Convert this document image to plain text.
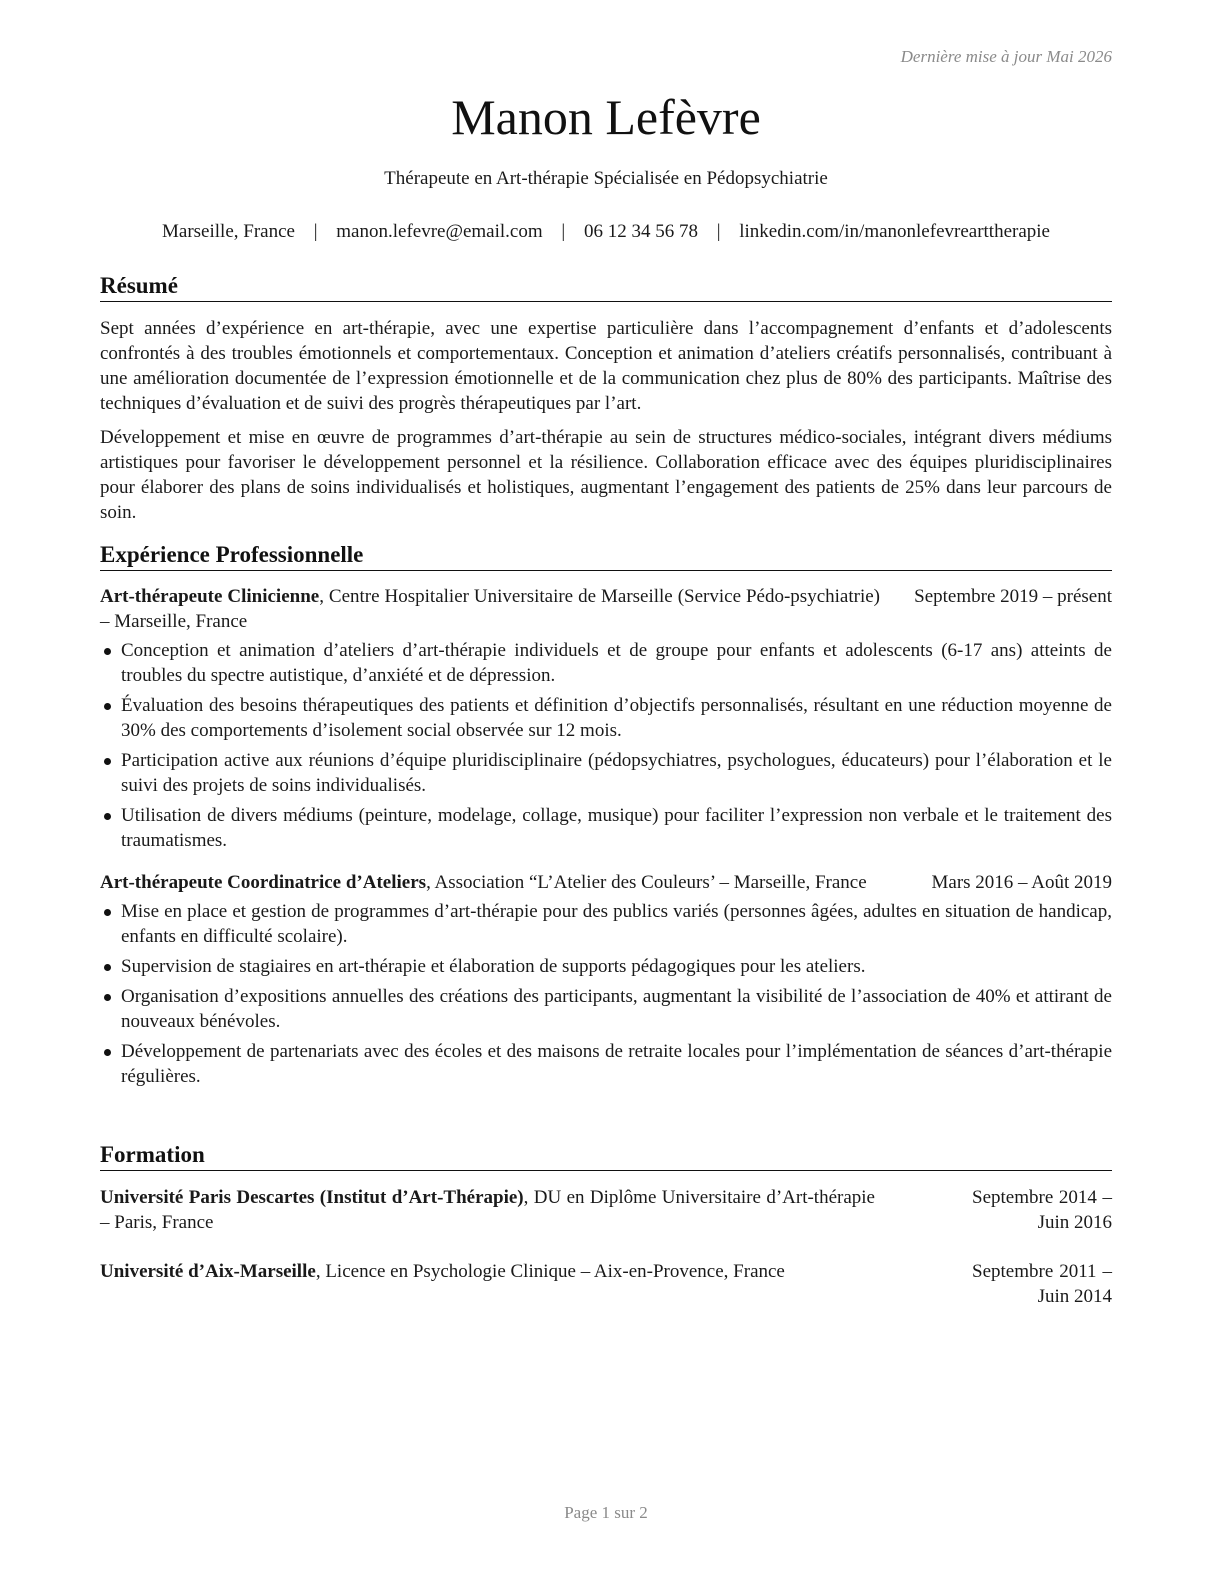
Dernière mise à jour Mai 2026
Manon Lefèvre
Thérapeute en Art-thérapie Spécialisée en Pédopsychiatrie
Marseille, France | manon.lefevre@email.com | 06 12 34 56 78 | linkedin.com/in/manonlefevrearttherapie
Résumé

Sept années d’expérience en art-thérapie, avec une expertise particulière dans l’accompagnement d’enfants et d’adolescents confrontés à des troubles émotionnels et comportementaux. Conception et animation d’ateliers créatifs personnalisés, contribuant à une amélioration documentée de l’expression émotionnelle et de la communication chez plus de 80% des participants. Maîtrise des techniques d’évaluation et de suivi des progrès thérapeutiques par l’art.

Développement et mise en œuvre de programmes d’art-thérapie au sein de structures médico-sociales, intégrant divers médiums artistiques pour favoriser le développement personnel et la résilience. Collaboration efficace avec des équipes pluridisciplinaires pour élaborer des plans de soins individualisés et holistiques, augmentant l’engagement des patients de 25% dans leur parcours de soin.

Expérience Professionnelle
Art-thérapeute Clinicienne, Centre Hospitalier Universitaire de Marseille (Service Pédo-psychiatrie) – Marseille, France
Septembre 2019 – présent
Conception et animation d’ateliers d’art-thérapie individuels et de groupe pour enfants et adolescents (6-17 ans) atteints de troubles du spectre autistique, d’anxiété et de dépression.
Évaluation des besoins thérapeutiques des patients et définition d’objectifs personnalisés, résultant en une réduction moyenne de 30% des comportements d’isolement social observée sur 12 mois.
Participation active aux réunions d’équipe pluridisciplinaire (pédopsychiatres, psychologues, éducateurs) pour l’élaboration et le suivi des projets de soins individualisés.
Utilisation de divers médiums (peinture, modelage, collage, musique) pour faciliter l’expression non verbale et le traitement des traumatismes.
Art-thérapeute Coordinatrice d’Ateliers, Association “L’Atelier des Couleurs’ – Marseille, France	Mars 2016 – Août 2019
Mise en place et gestion de programmes d’art-thérapie pour des publics variés (personnes âgées, adultes en situation de handicap, enfants en difficulté scolaire).
Supervision de stagiaires en art-thérapie et élaboration de supports pédagogiques pour les ateliers.
Organisation d’expositions annuelles des créations des participants, augmentant la visibilité de l’association de 40% et attirant de nouveaux bénévoles.
Développement de partenariats avec des écoles et des maisons de retraite locales pour l’implémentation de séances d’art-thérapie régulières.
Formation
Université Paris Descartes (Institut d’Art-Thérapie), DU en Diplôme Universitaire d’Art-thérapie – Paris, France
Septembre 2014 – Juin 2016
Université d’Aix-Marseille, Licence en Psychologie Clinique – Aix-en-Provence, France	Septembre 2011 – Juin 2014
Page 1 sur 2
